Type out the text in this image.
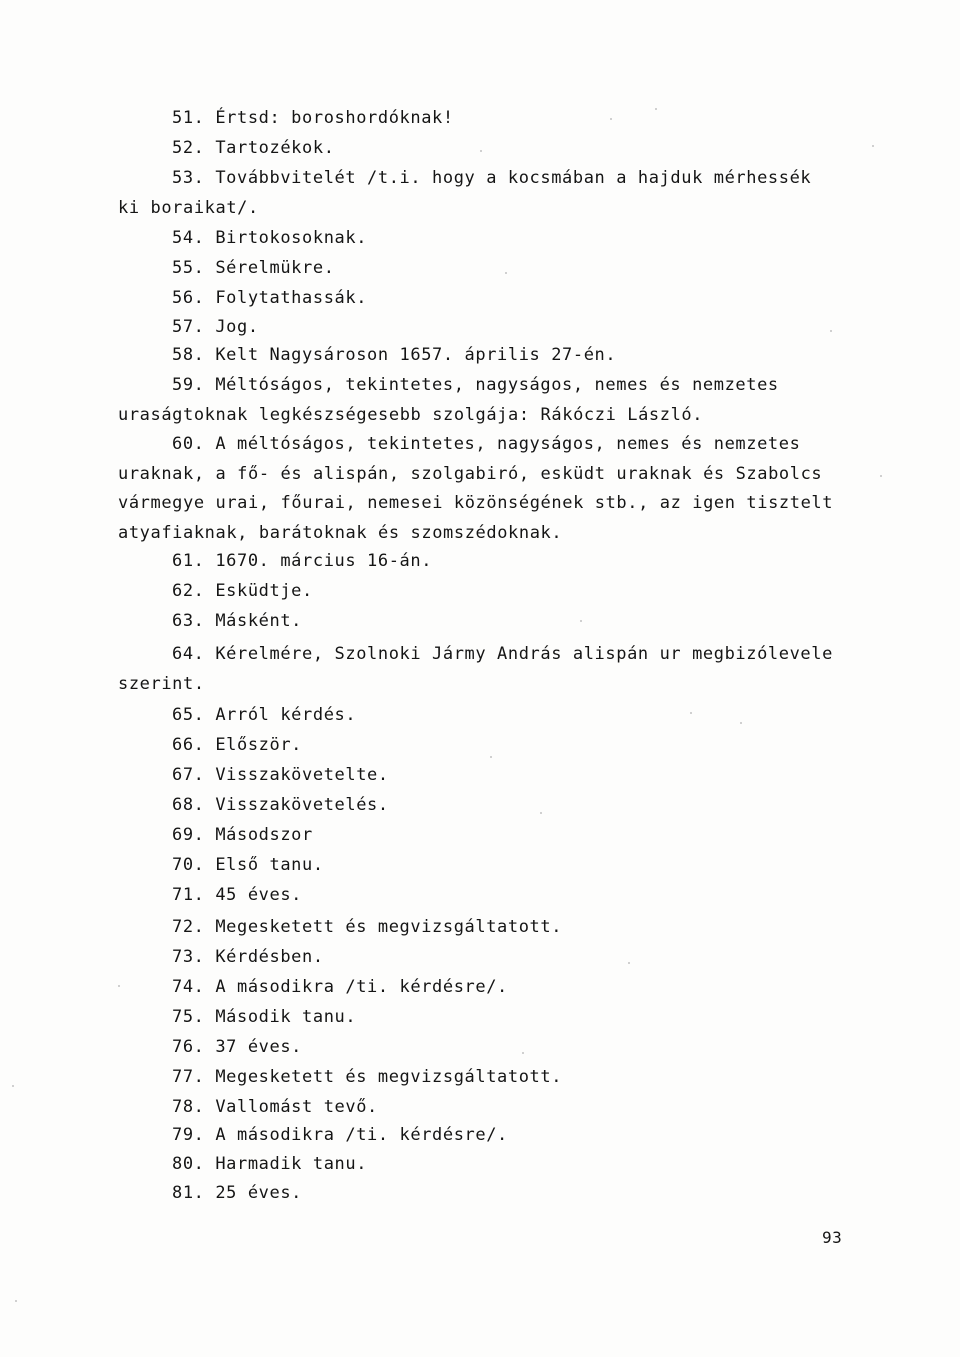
51. Értsd: boroshordóknak!
52. Tartozékok.
53. Továbbvitelét /t.i. hogy a kocsmában a hajduk mérhessék ki boraikat/.
54. Birtokosoknak.
55. Sérelmükre.
56. Folytathassák.
57. Jog.
58. Kelt Nagysároson 1657. április 27-én.
59. Méltóságos, tekintetes, nagyságos, nemes és nemzetes uraságtoknak legkészségesebb szolgája: Rákóczi László.
60. A méltóságos, tekintetes, nagyságos, nemes és nemzetes uraknak, a fő- és alispán, szolgabiró, esküdt uraknak és Szabolcs vármegye urai, főurai, nemesei közönségének stb., az igen tisztelt atyafiaknak, barátoknak és szomszédoknak.
61. 1670. március 16-án.
62. Esküdtje.
63. Másként.
64. Kérelmére, Szolnoki Jármy András alispán ur megbizólevele szerint.
65. Arról kérdés.
66. Először.
67. Visszakövetelte.
68. Visszakövetelés.
69. Másodszor
70. Első tanu.
71. 45 éves.
72. Megesketett és megvizsgáltatott.
73. Kérdésben.
74. A másodikra /ti. kérdésre/.
75. Második tanu.
76. 37 éves.
77. Megesketett és megvizsgáltatott.
78. Vallomást tevő.
79. A másodikra /ti. kérdésre/.
80. Harmadik tanu.
81. 25 éves.
93
